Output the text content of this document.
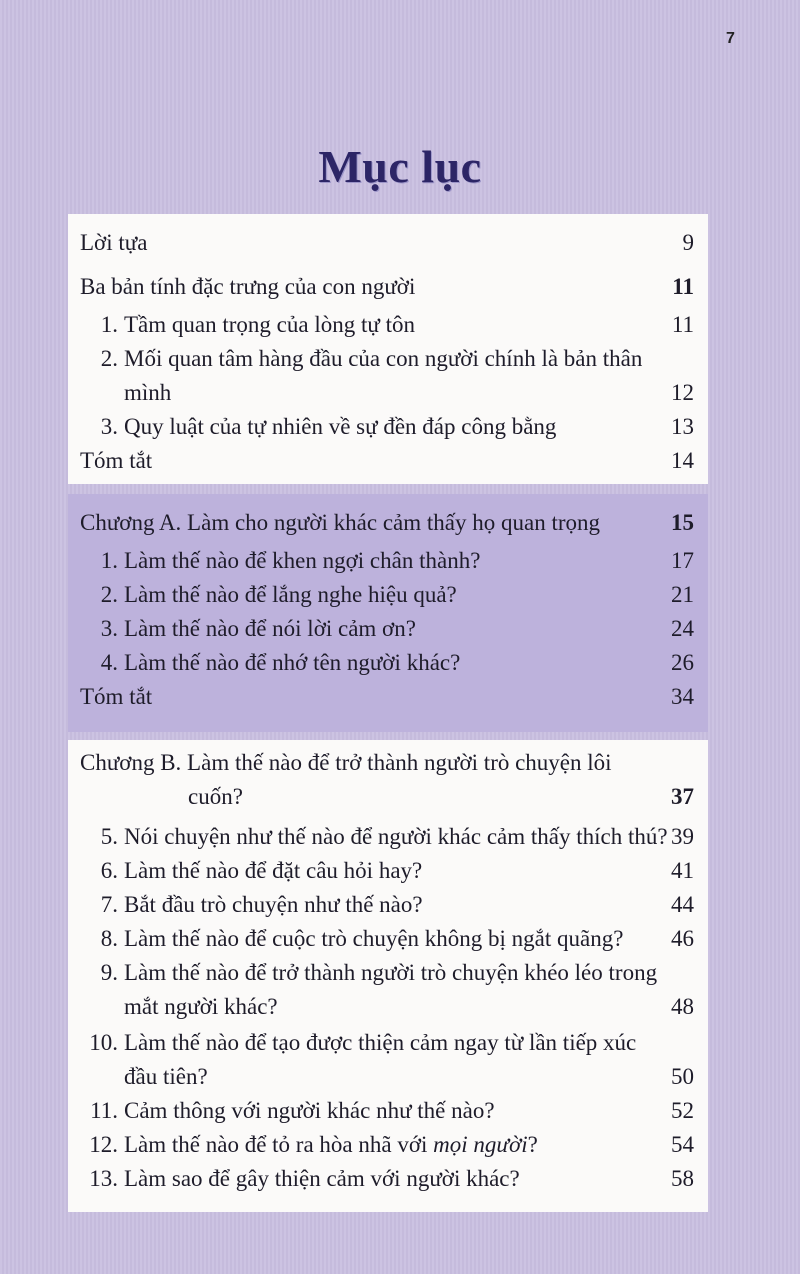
7
Mục lục
Lời tựa	9
Ba bản tính đặc trưng của con người	11
1. Tầm quan trọng của lòng tự tôn	11
2. Mối quan tâm hàng đầu của con người chính là bản thân
mình	12
3. Quy luật của tự nhiên về sự đền đáp công bằng	13
Tóm tắt	14
Chương A. Làm cho người khác cảm thấy họ quan trọng	15
1. Làm thế nào để khen ngợi chân thành?	17
2. Làm thế nào để lắng nghe hiệu quả?	21
3. Làm thế nào để nói lời cảm ơn?	24
4. Làm thế nào để nhớ tên người khác?	26
Tóm tắt	34
Chương B. Làm thế nào để trở thành người trò chuyện lôi
cuốn?	37
5. Nói chuyện như thế nào để người khác cảm thấy thích thú? 39
6. Làm thế nào để đặt câu hỏi hay?	41
7. Bắt đầu trò chuyện như thế nào?	44
8. Làm thế nào để cuộc trò chuyện không bị ngắt quãng? 46
9. Làm thế nào để trở thành người trò chuyện khéo léo trong
mắt người khác?	48
10. Làm thế nào để tạo được thiện cảm ngay từ lần tiếp xúc
đầu tiên?	50
11. Cảm thông với người khác như thế nào?	52
12. Làm thế nào để tỏ ra hòa nhã với mọi người?	54
13. Làm sao để gây thiện cảm với người khác?	58
